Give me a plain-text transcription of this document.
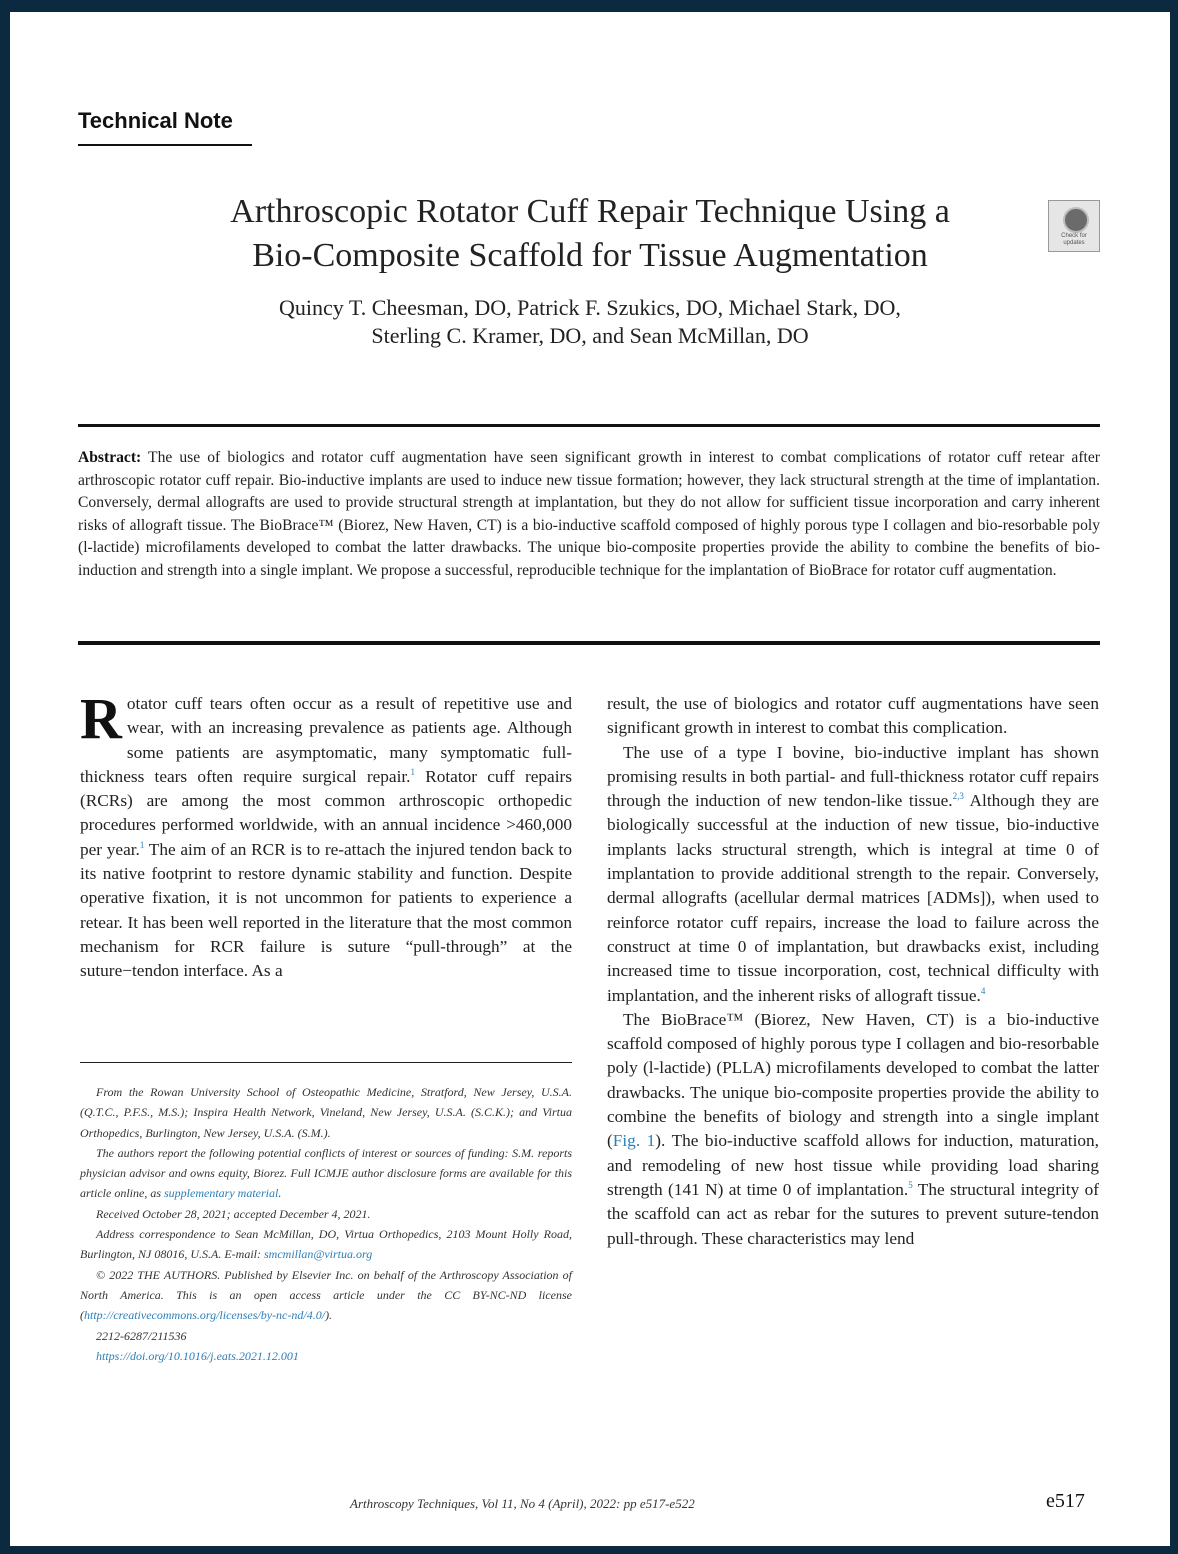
Technical Note
Arthroscopic Rotator Cuff Repair Technique Using a
Bio-Composite Scaffold for Tissue Augmentation
Check for updates
Quincy T. Cheesman, DO, Patrick F. Szukics, DO, Michael Stark, DO,
Sterling C. Kramer, DO, and Sean McMillan, DO
Abstract: The use of biologics and rotator cuff augmentation have seen significant growth in interest to combat complications of rotator cuff retear after arthroscopic rotator cuff repair. Bio-inductive implants are used to induce new tissue formation; however, they lack structural strength at the time of implantation. Conversely, dermal allografts are used to provide structural strength at implantation, but they do not allow for sufficient tissue incorporation and carry inherent risks of allograft tissue. The BioBrace™ (Biorez, New Haven, CT) is a bio-inductive scaffold composed of highly porous type I collagen and bio-resorbable poly (l-lactide) microfilaments developed to combat the latter drawbacks. The unique bio-composite properties provide the ability to combine the benefits of bio-induction and strength into a single implant. We propose a successful, reproducible technique for the implantation of BioBrace for rotator cuff augmentation.

Rotator cuff tears often occur as a result of repetitive use and wear, with an increasing prevalence as patients age. Although some patients are asymptomatic, many symptomatic full-thickness tears often require surgical repair.$^1$ Rotator cuff repairs (RCRs) are among the most common arthroscopic orthopedic procedures performed worldwide, with an annual incidence >460,000 per year.$^1$ The aim of an RCR is to re-attach the injured tendon back to its native footprint to restore dynamic stability and function. Despite operative fixation, it is not uncommon for patients to experience a retear. It has been well reported in the literature that the most common mechanism for RCR failure is suture “pull-through” at the suture−tendon interface. As a

From the Rowan University School of Osteopathic Medicine, Stratford, New Jersey, U.S.A. (Q.T.C., P.F.S., M.S.); Inspira Health Network, Vineland, New Jersey, U.S.A. (S.C.K.); and Virtua Orthopedics, Burlington, New Jersey, U.S.A. (S.M.).

The authors report the following potential conflicts of interest or sources of funding: S.M. reports physician advisor and owns equity, Biorez. Full ICMJE author disclosure forms are available for this article online, as supplementary material.

Received October 28, 2021; accepted December 4, 2021.

Address correspondence to Sean McMillan, DO, Virtua Orthopedics, 2103 Mount Holly Road, Burlington, NJ 08016, U.S.A. E-mail: smcmillan@virtua.org

© 2022 THE AUTHORS. Published by Elsevier Inc. on behalf of the Arthroscopy Association of North America. This is an open access article under the CC BY-NC-ND license (http://creativecommons.org/licenses/by-nc-nd/4.0/).

2212-6287/211536

https://doi.org/10.1016/j.eats.2021.12.001

result, the use of biologics and rotator cuff augmentations have seen significant growth in interest to combat this complication.

The use of a type I bovine, bio-inductive implant has shown promising results in both partial- and full-thickness rotator cuff repairs through the induction of new tendon-like tissue.$^{2,3}$ Although they are biologically successful at the induction of new tissue, bio-inductive implants lacks structural strength, which is integral at time 0 of implantation to provide additional strength to the repair. Conversely, dermal allografts (acellular dermal matrices [ADMs]), when used to reinforce rotator cuff repairs, increase the load to failure across the construct at time 0 of implantation, but drawbacks exist, including increased time to tissue incorporation, cost, technical difficulty with implantation, and the inherent risks of allograft tissue.$^4$

The BioBrace™ (Biorez, New Haven, CT) is a bio-inductive scaffold composed of highly porous type I collagen and bio-resorbable poly (l-lactide) (PLLA) microfilaments developed to combat the latter drawbacks. The unique bio-composite properties provide the ability to combine the benefits of biology and strength into a single implant (Fig. 1). The bio-inductive scaffold allows for induction, maturation, and remodeling of new host tissue while providing load sharing strength (141 N) at time 0 of implantation.$^5$ The structural integrity of the scaffold can act as rebar for the sutures to prevent suture-tendon pull-through. These characteristics may lend

Arthroscopy Techniques, Vol 11, No 4 (April), 2022: pp e517-e522	e517
